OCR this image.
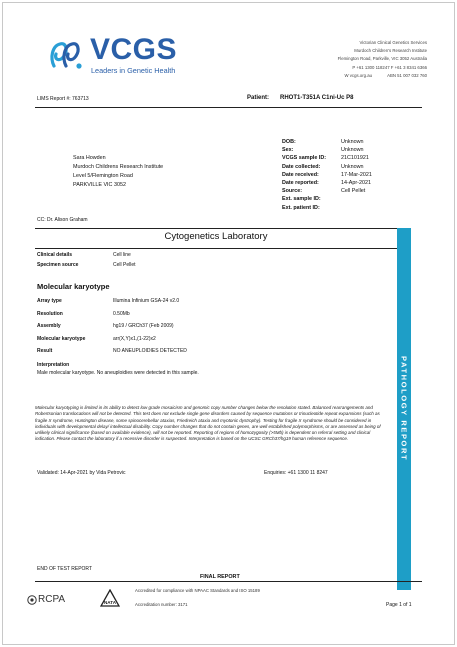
VCGS
Leaders in Genetic Health
Victorian Clinical Genetics Services
Murdoch Children's Research Institute
Flemington Road, Parkville, VIC 3052 Australia
P +61 1300 118247 F +61 3 8341 6366
W vcgs.org.au	ABN 51 007 032 760
LIMS Report #: 763713	Patient: RHOT1-T351A C1ni-Uc P8
DOB:	Unknown
Sex:	Unknown
VCGS sample ID:	21C101921
Date collected:	Unknown
Date received:	17-Mar-2021
Date reported:	14-Apr-2021
Source:	Cell Pellet
Ext. sample ID:
Ext. patient ID:
Sara Howden
Murdoch Childrens Research Institute
Level 5/Flemington Road
PARKVILLE VIC 3052
CC: Dr. Alison Graham
PATHOLOGY REPORT
Cytogenetics Laboratory
Clinical details	Cell line
Specimen source	Cell Pellet
Molecular karyotype
Array type	Illumina Infinium GSA-24 v2.0
Resolution	0.50Mb
Assembly	hg19 / GRCh37 (Feb 2009)
Molecular karyotype	arr(X,Y)x1,(1-22)x2
Result	NO ANEUPLOIDIES DETECTED
Interpretation
Male molecular karyotype. No aneuploidies were detected in this sample.
Molecular karyotyping is limited in its ability to detect low grade mosaicism and genomic copy number changes below the resolution stated. Balanced rearrangements and Robertsonian translocations will not be detected. This test does not exclude single gene disorders caused by sequence mutations or trinucleotide repeat expansions (such as fragile X syndrome, Huntington disease, some spinocerebellar ataxias, Friedreich ataxia and myotonic dystrophy). Testing for fragile X syndrome should be considered in individuals with developmental delay/ intellectual disability. Copy number changes that do not contain genes, are well established polymorphisms, or are assessed as being of unlikely clinical significance (based on available evidence), will not be reported. Reporting of regions of homozygosity (>5Mb) is dependent on referral setting and clinical indication. Please contact the laboratory if a recessive disorder is suspected. Interpretation is based on the UCSC GRCh37/hg19 human reference sequence.
Validated: 14-Apr-2021 by Vida Petrovic	Enquiries: +61 1300 11 8247
END OF TEST REPORT
FINAL REPORT
RCPA	NATA
Accredited for compliance with NPAAC Standards and ISO 15189
Accreditation number: 3171	Page 1 of 1
